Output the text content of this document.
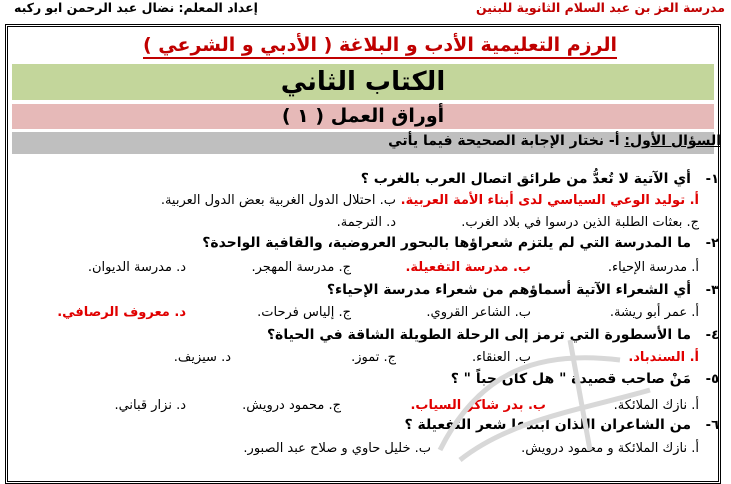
مدرسة العز بن عبد السلام الثانوية للبنين
إعداد المعلم: نضال عبد الرحمن ابو ركبه
الرزم التعليمية الأدب و البلاغة ( الأدبي و الشرعي )
الكتاب الثاني
أوراق العمل ( ١ )
السؤال الأول: أ- نختار الإجابة الصحيحة فيما يأتي
١-
أي الآتية لا تُعدُّ من طرائق اتصال العرب بالغرب ؟
أ. تولید الوعي السیاسي لدى أبناء الأمة العربیة.
ب. احتلال الدول الغربیة بعض الدول العربیة.
ج. بعثات الطلبة الذین درسوا في بلاد الغرب.
د. الترجمة.
٢-
ما المدرسة التي لم يلتزم شعراؤها بالبحور العروضية، والقافية الواحدة؟
أ. مدرسة الإحیاء.
ب. مدرسة التفعیلة.
ج. مدرسة المهجر.
د. مدرسة الدیوان.
٣-
أي الشعراء الآتية أسماؤهم من شعراء مدرسة الإحياء؟
أ. عمر أبو ریشة.
ب. الشاعر القروي.
ج. إلیاس فرحات.
د. معروف الرصافي.
٤-
ما الأسطورة التي ترمز إلى الرحلة الطويلة الشاقة في الحياة؟
أ. السندباد.
ب. العنقاء.
ج. تموز.
د. سیزیف.
٥-
مَنْ صاحب قصيدة " هل كان حباً " ؟
أ. نازك الملائكة.
ب. بدر شاكر السیاب.
ج. محمود درویش.
د. نزار قباني.
٦-
من الشاعران اللذان ابتدعا شعر التفعيلة ؟
أ. نازك الملائكة و محمود درویش.
ب. خلیل حاوي و صلاح عبد الصبور.
